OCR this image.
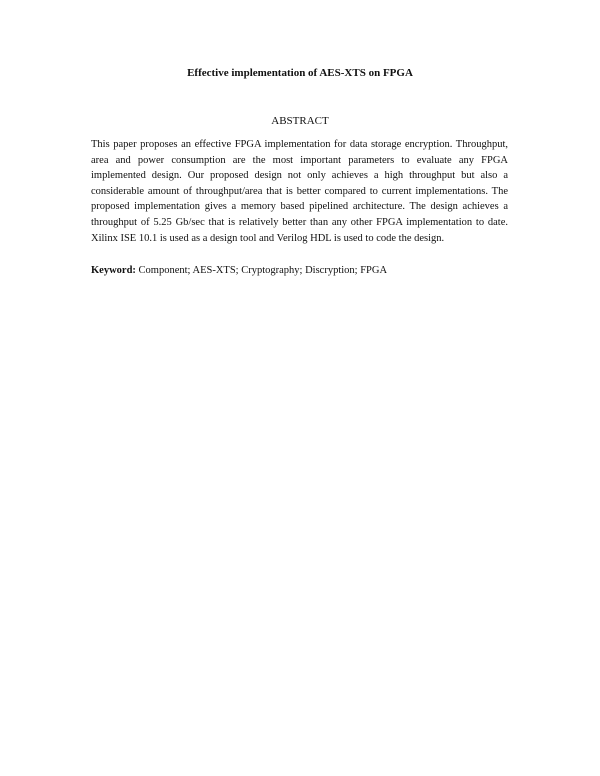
Effective implementation of AES-XTS on FPGA
ABSTRACT

This paper proposes an effective FPGA implementation for data storage encryption. Throughput, area and power consumption are the most important parameters to evaluate any FPGA implemented design. Our proposed design not only achieves a high throughput but also a considerable amount of throughput/area that is better compared to current implementations. The proposed implementation gives a memory based pipelined architecture. The design achieves a throughput of 5.25 Gb/sec that is relatively better than any other FPGA implementation to date. Xilinx ISE 10.1 is used as a design tool and Verilog HDL is used to code the design.

Keyword: Component; AES-XTS; Cryptography; Discryption; FPGA
